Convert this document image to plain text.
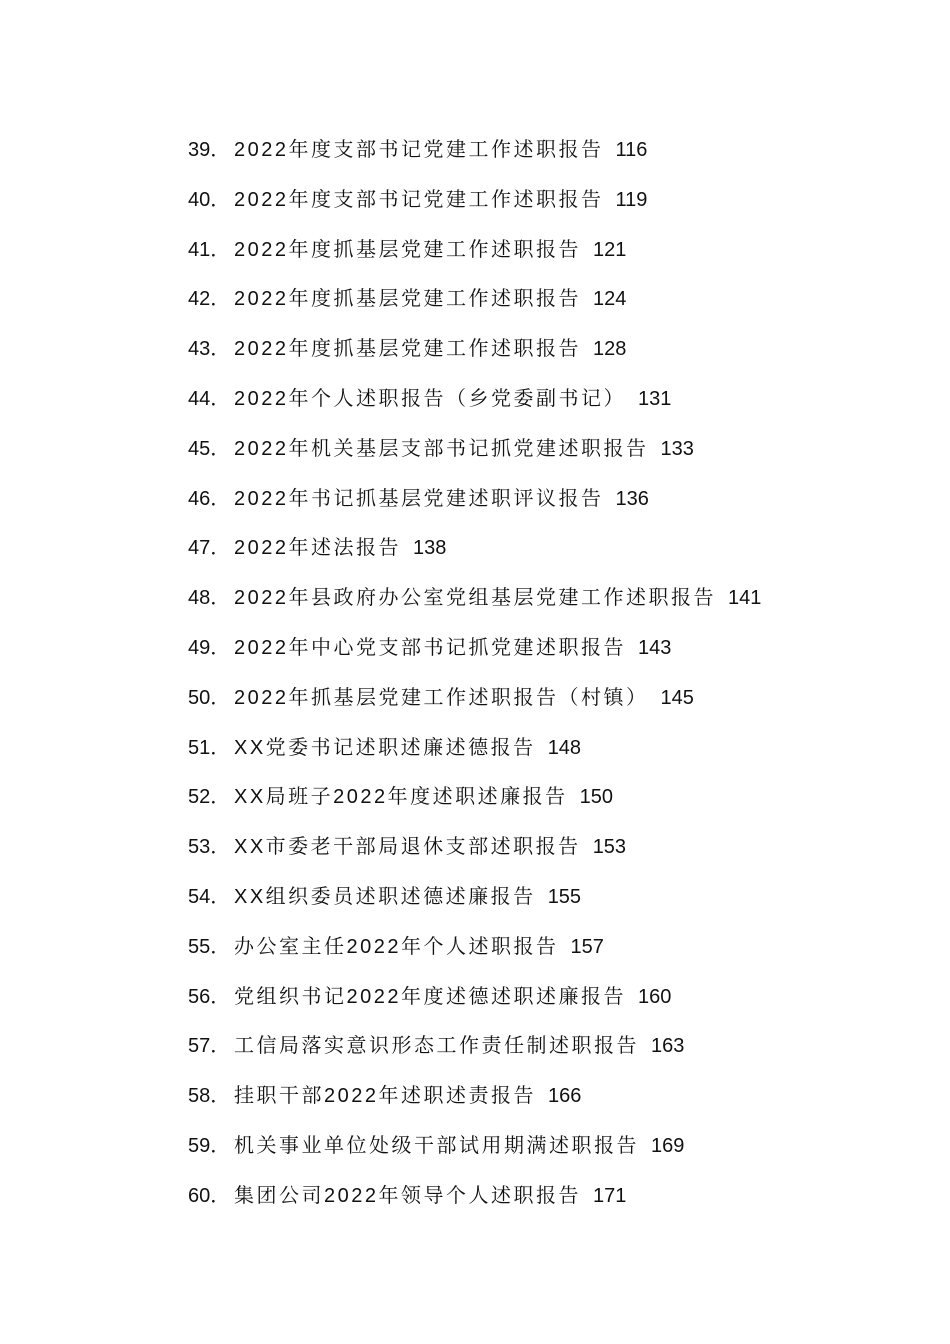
39． 2022年度支部书记党建工作述职报告 116
40． 2022年度支部书记党建工作述职报告 119
41． 2022年度抓基层党建工作述职报告 121
42． 2022年度抓基层党建工作述职报告 124
43． 2022年度抓基层党建工作述职报告 128
44． 2022年个人述职报告（乡党委副书记） 131
45． 2022年机关基层支部书记抓党建述职报告 133
46． 2022年书记抓基层党建述职评议报告 136
47． 2022年述法报告 138
48． 2022年县政府办公室党组基层党建工作述职报告 141
49． 2022年中心党支部书记抓党建述职报告 143
50． 2022年抓基层党建工作述职报告（村镇） 145
51． XX党委书记述职述廉述德报告 148
52． XX局班子2022年度述职述廉报告 150
53． XX市委老干部局退休支部述职报告 153
54． XX组织委员述职述德述廉报告 155
55． 办公室主任2022年个人述职报告 157
56． 党组织书记2022年度述德述职述廉报告 160
57． 工信局落实意识形态工作责任制述职报告 163
58． 挂职干部2022年述职述责报告 166
59． 机关事业单位处级干部试用期满述职报告 169
60． 集团公司2022年领导个人述职报告 171
